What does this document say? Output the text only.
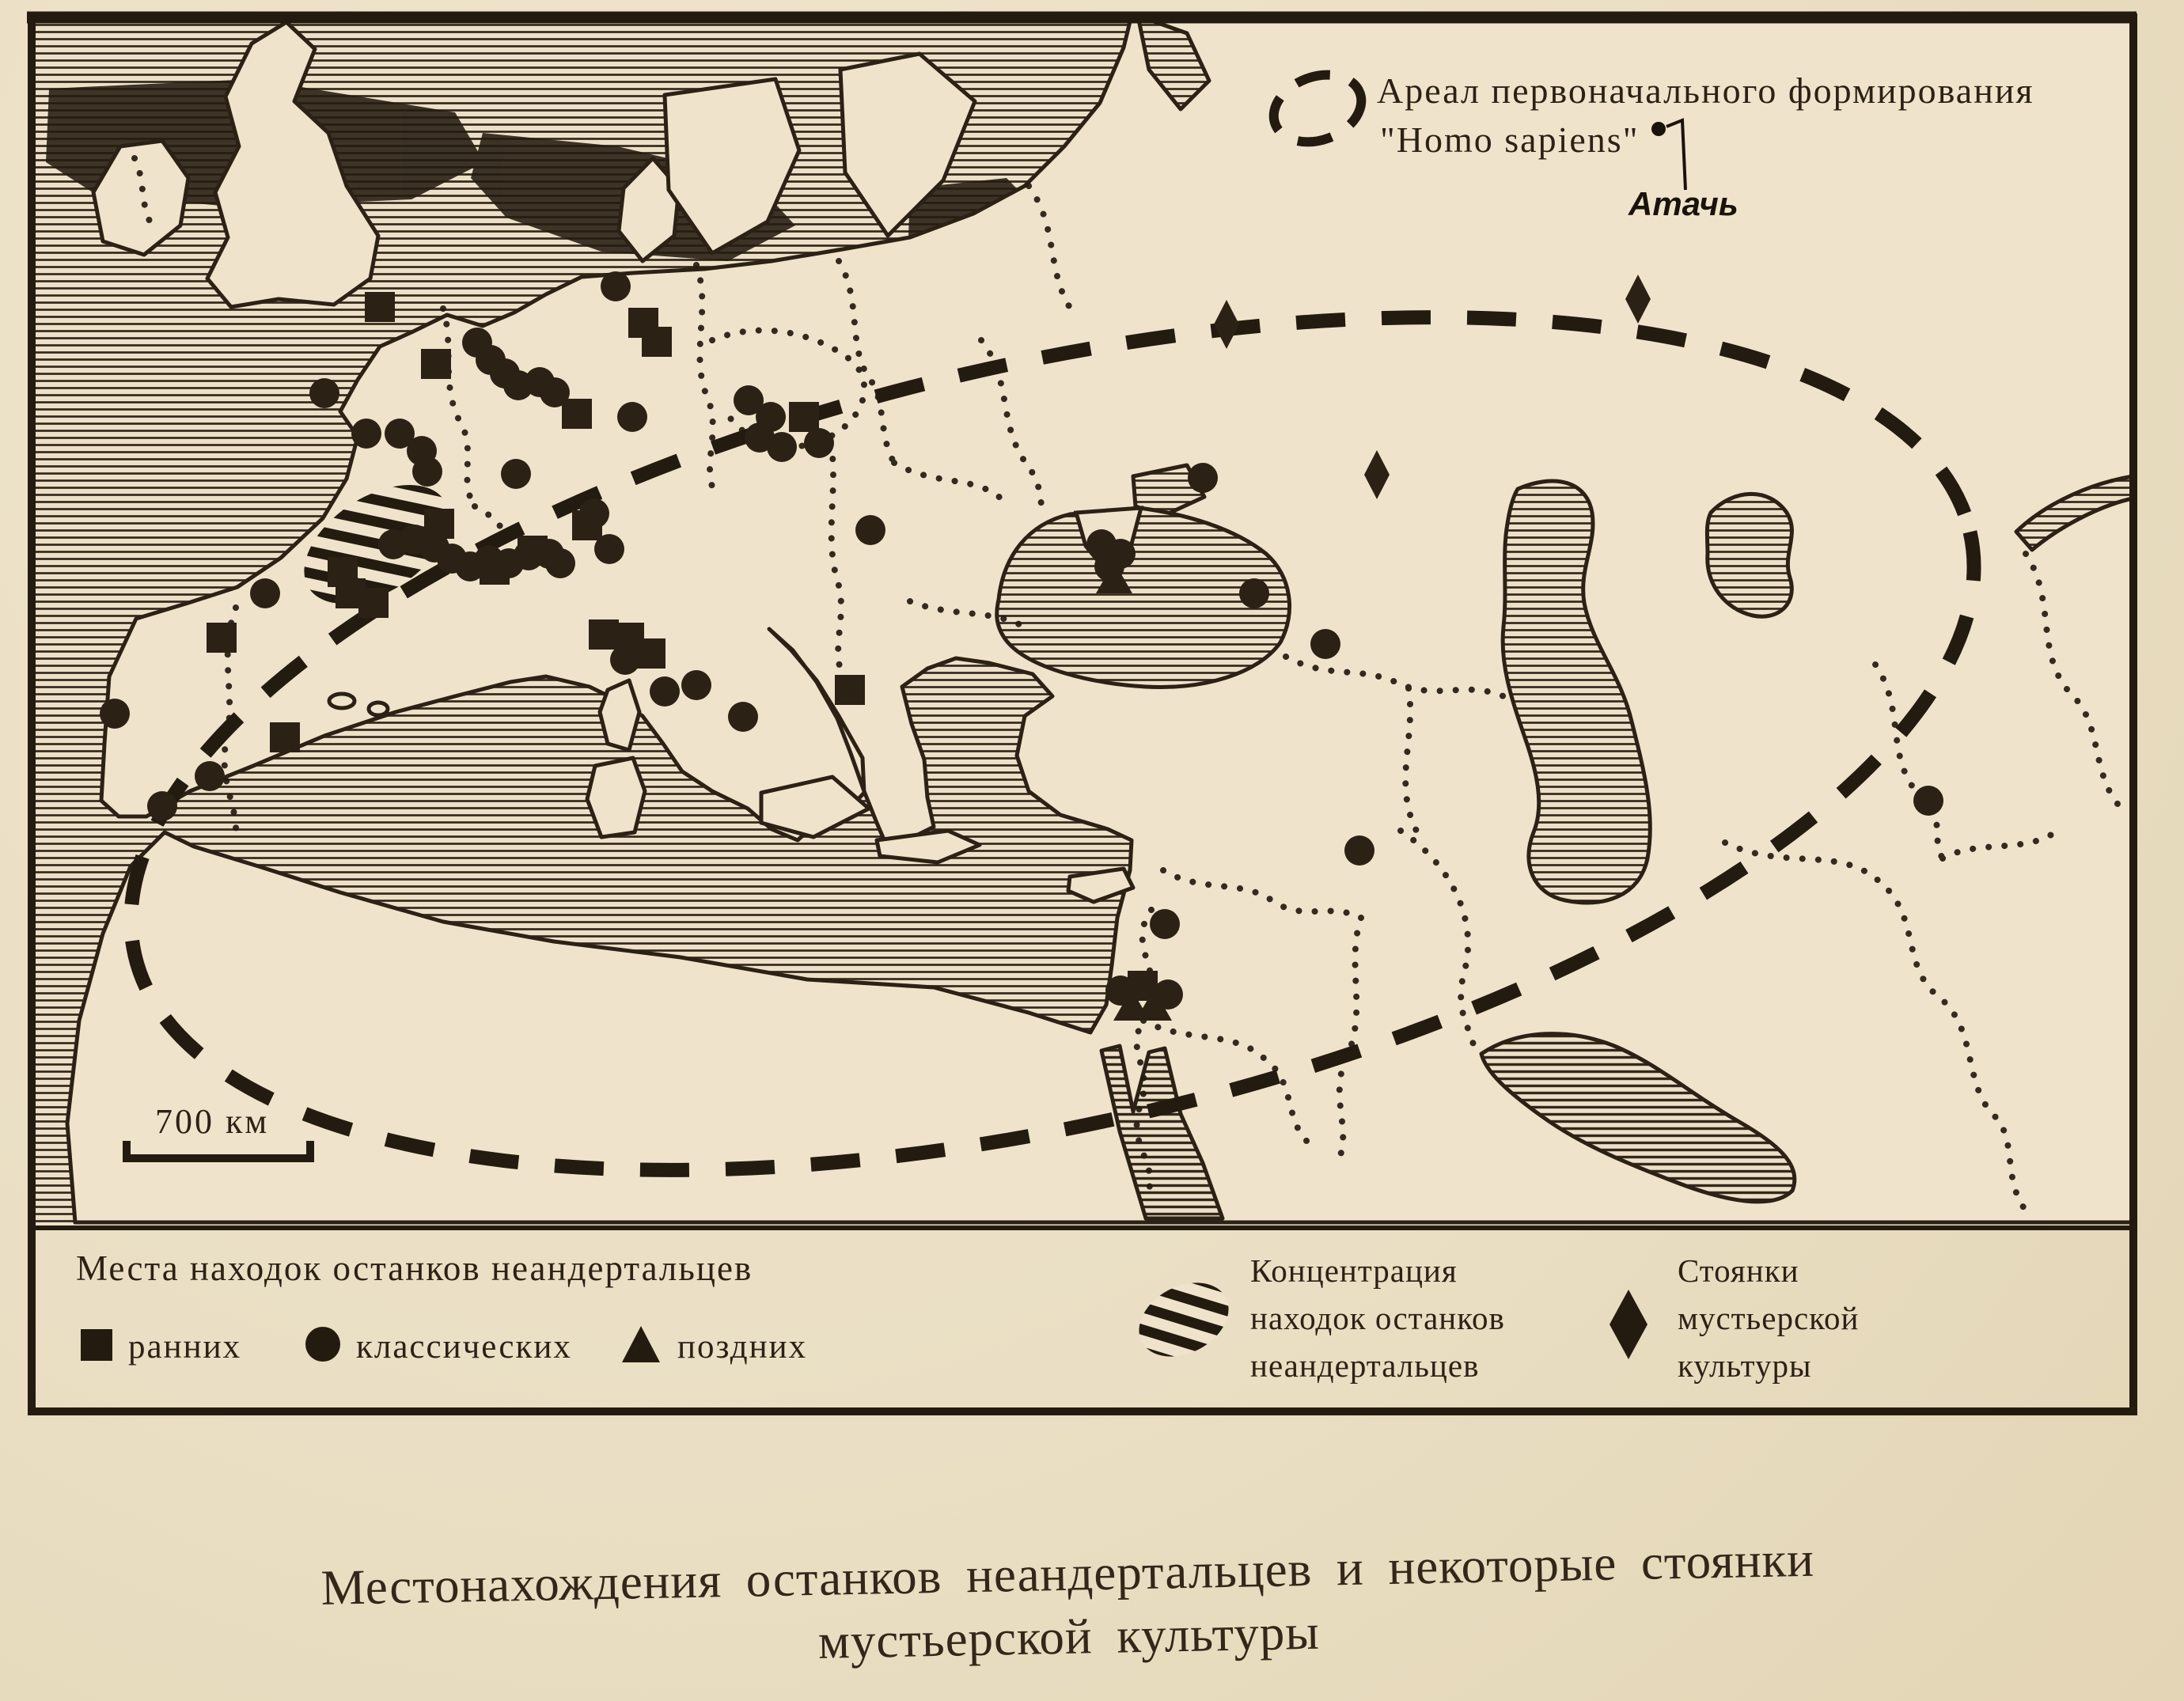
Ареал первоначального формирования
"Homo sapiens"
Атачь
700 км
Места находок останков неандертальцев
ранних	классических	поздних
Концентрация
находок останков
неандертальцев
Стоянки
мустьерской
культуры
Местонахождения останков неандертальцев и некоторые стоянки
мустьерской культуры
